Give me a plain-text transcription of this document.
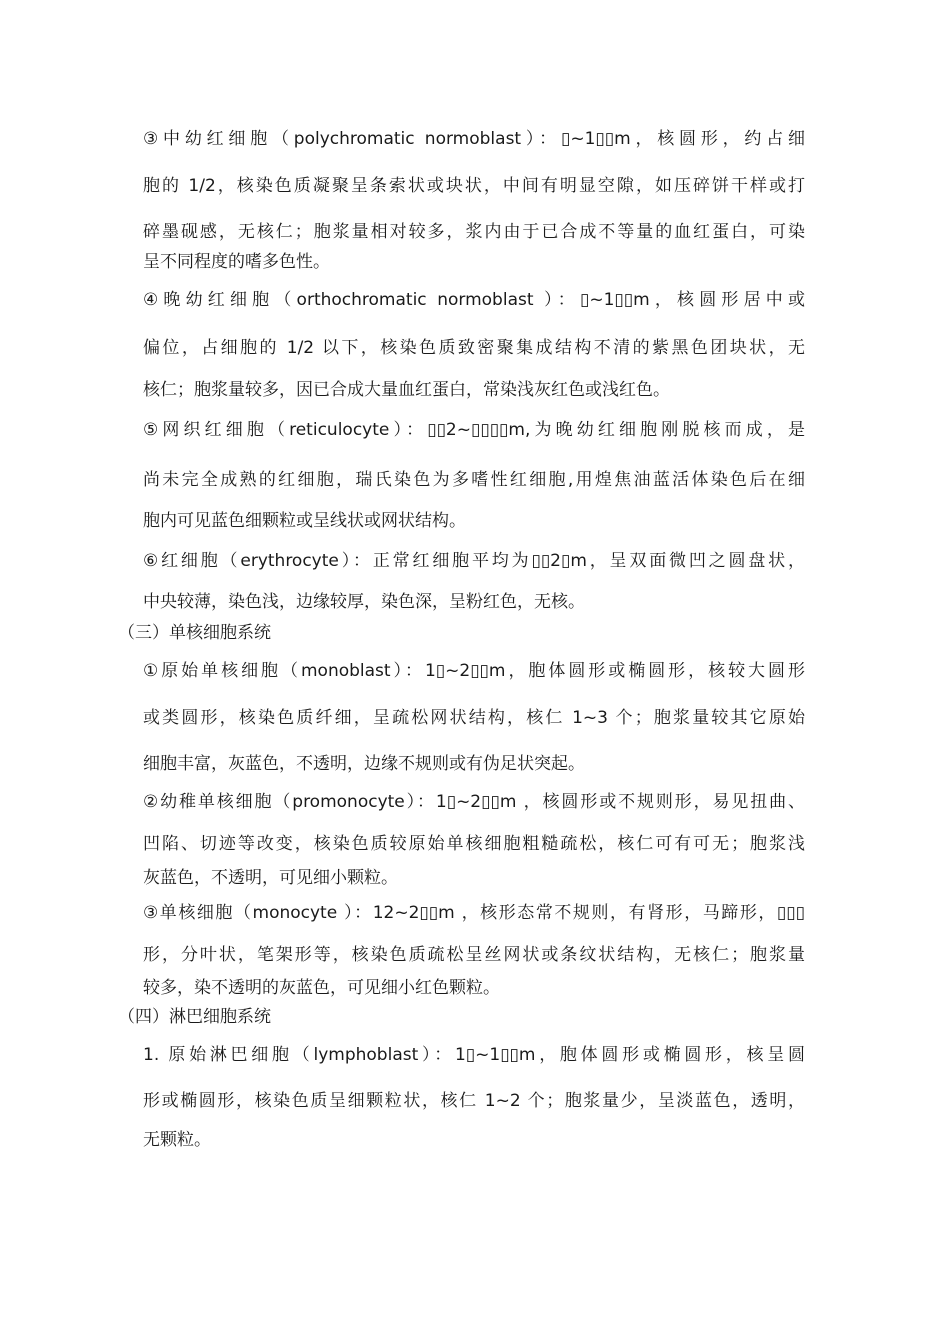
③中幼红细胞（polychromatic normoblast）：▯~1▯▯m，核圆形，约占细
胞的 1/2，核染色质凝聚呈条索状或块状，中间有明显空隙，如压碎饼干样或打
碎墨砚感，无核仁；胞浆量相对较多，浆内由于已合成不等量的血红蛋白，可染
呈不同程度的嗜多色性。
④晚幼红细胞（orthochromatic normoblast ）：▯~1▯▯m，核圆形居中或
偏位，占细胞的 1/2 以下，核染色质致密聚集成结构不清的紫黑色团块状，无
核仁；胞浆量较多，因已合成大量血红蛋白，常染浅灰红色或浅红色。
⑤网织红细胞（reticulocyte）：▯▯2~▯▯▯▯m,为晚幼红细胞刚脱核而成，是
尚未完全成熟的红细胞，瑞氏染色为多嗜性红细胞,用煌焦油蓝活体染色后在细
胞内可见蓝色细颗粒或呈线状或网状结构。
⑥红细胞（erythrocyte）：正常红细胞平均为▯▯2▯m，呈双面微凹之圆盘状，
中央较薄，染色浅，边缘较厚，染色深，呈粉红色，无核。
（三）单核细胞系统
①原始单核细胞（monoblast）：1▯~2▯▯m，胞体圆形或椭圆形，核较大圆形
或类圆形，核染色质纤细，呈疏松网状结构，核仁 1~3 个；胞浆量较其它原始
细胞丰富，灰蓝色，不透明，边缘不规则或有伪足状突起。
②幼稚单核细胞（promonocyte）：1▯~2▯▯m ，核圆形或不规则形，易见扭曲、
凹陷、切迹等改变，核染色质较原始单核细胞粗糙疏松，核仁可有可无；胞浆浅
灰蓝色，不透明，可见细小颗粒。
③单核细胞（monocyte ）：12~2▯▯m ，核形态常不规则，有肾形，马蹄形，▯▯▯
形，分叶状，笔架形等，核染色质疏松呈丝网状或条纹状结构，无核仁；胞浆量
较多，染不透明的灰蓝色，可见细小红色颗粒。
（四）淋巴细胞系统
1. 原始淋巴细胞（lymphoblast）：1▯~1▯▯m，胞体圆形或椭圆形，核呈圆
形或椭圆形，核染色质呈细颗粒状，核仁 1~2 个；胞浆量少，呈淡蓝色，透明，
无颗粒。
